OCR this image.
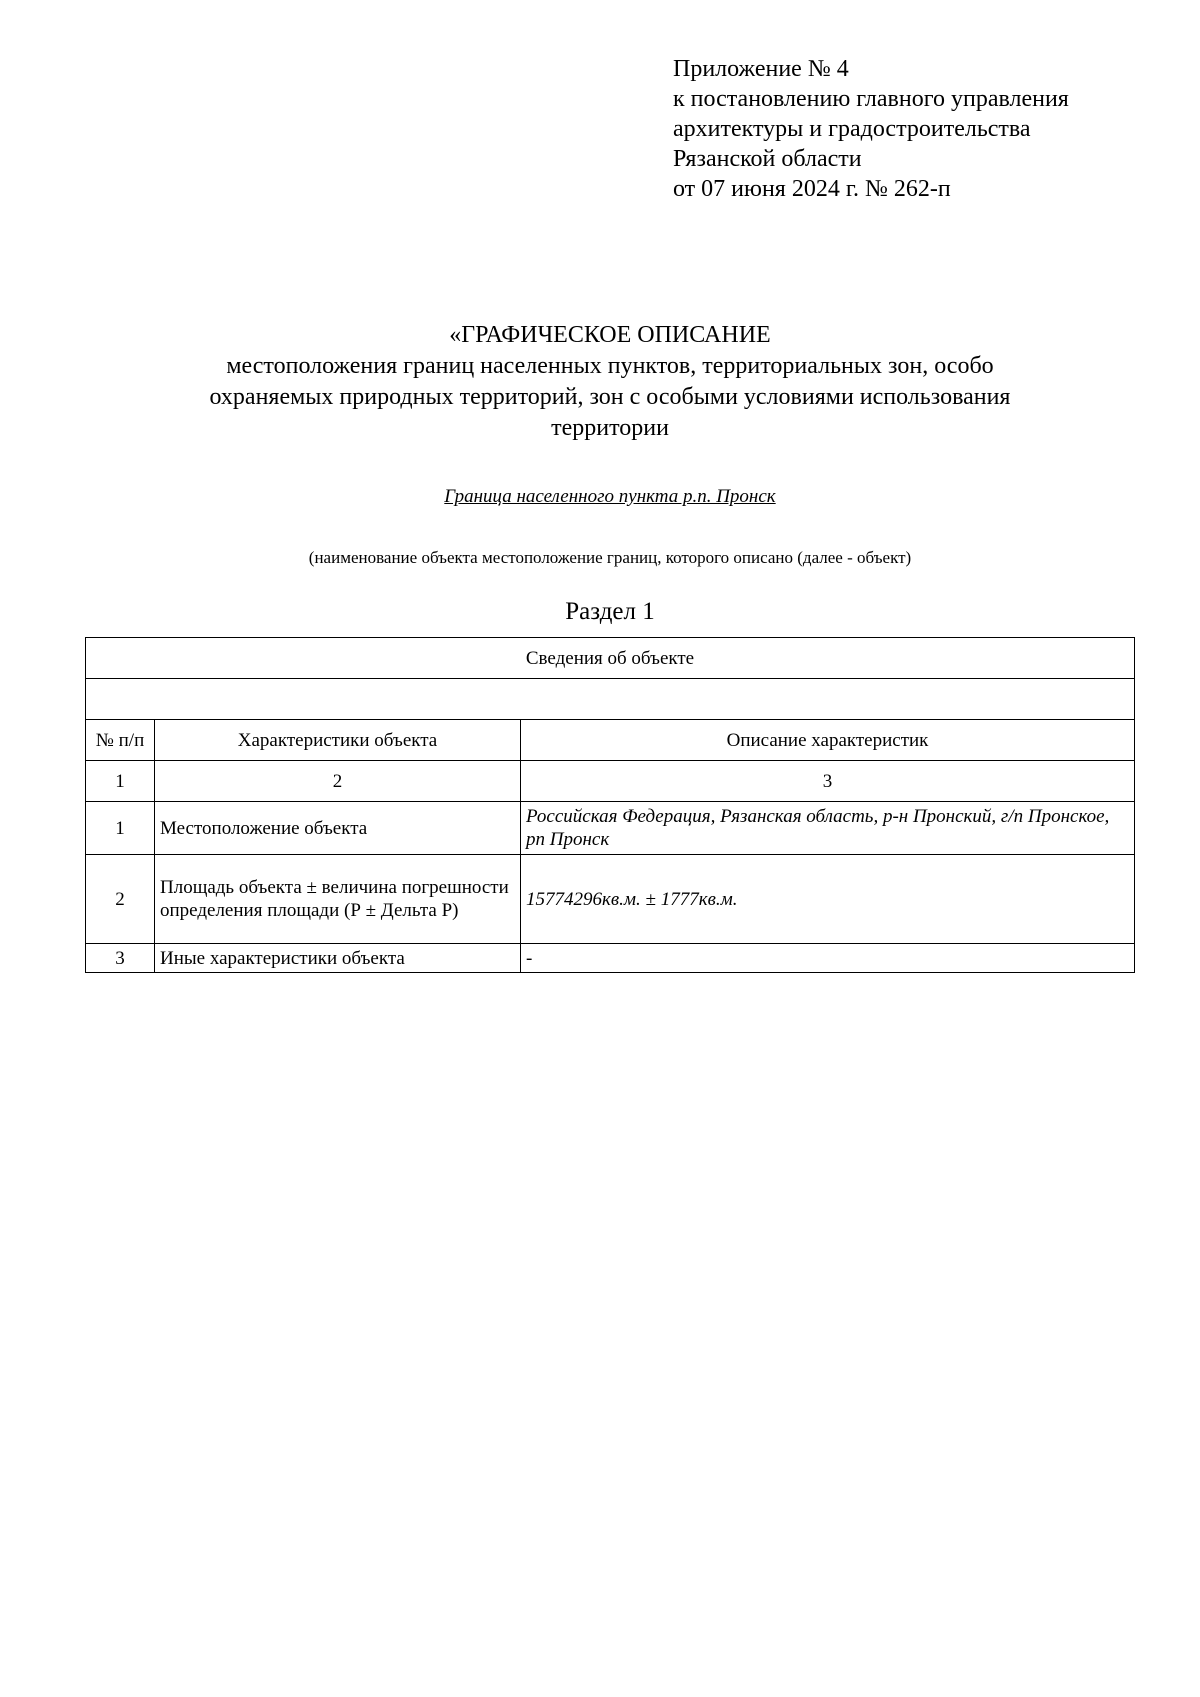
Приложение № 4
к постановлению главного управления
архитектуры и градостроительства
Рязанской области
от 07 июня 2024 г. № 262-п
«ГРАФИЧЕСКОЕ ОПИСАНИЕ
местоположения границ населенных пунктов, территориальных зон, особо
охраняемых природных территорий, зон с особыми условиями использования
территории
Граница населенного пункта р.п. Пронск
(наименование объекта местоположение границ, которого описано (далее - объект)
Раздел 1
Сведения об объекте		

№ п/п	Характеристики объекта	Описание характеристик
1	2	3
1	Местоположение объекта	Российская Федерация, Рязанская область, р-н Пронский, г/п Пронское, рп Пронск
2	Площадь объекта ± величина погрешности определения площади (Р ± Дельта Р)	15774296кв.м. ± 1777кв.м.
3	Иные характеристики объекта	-
